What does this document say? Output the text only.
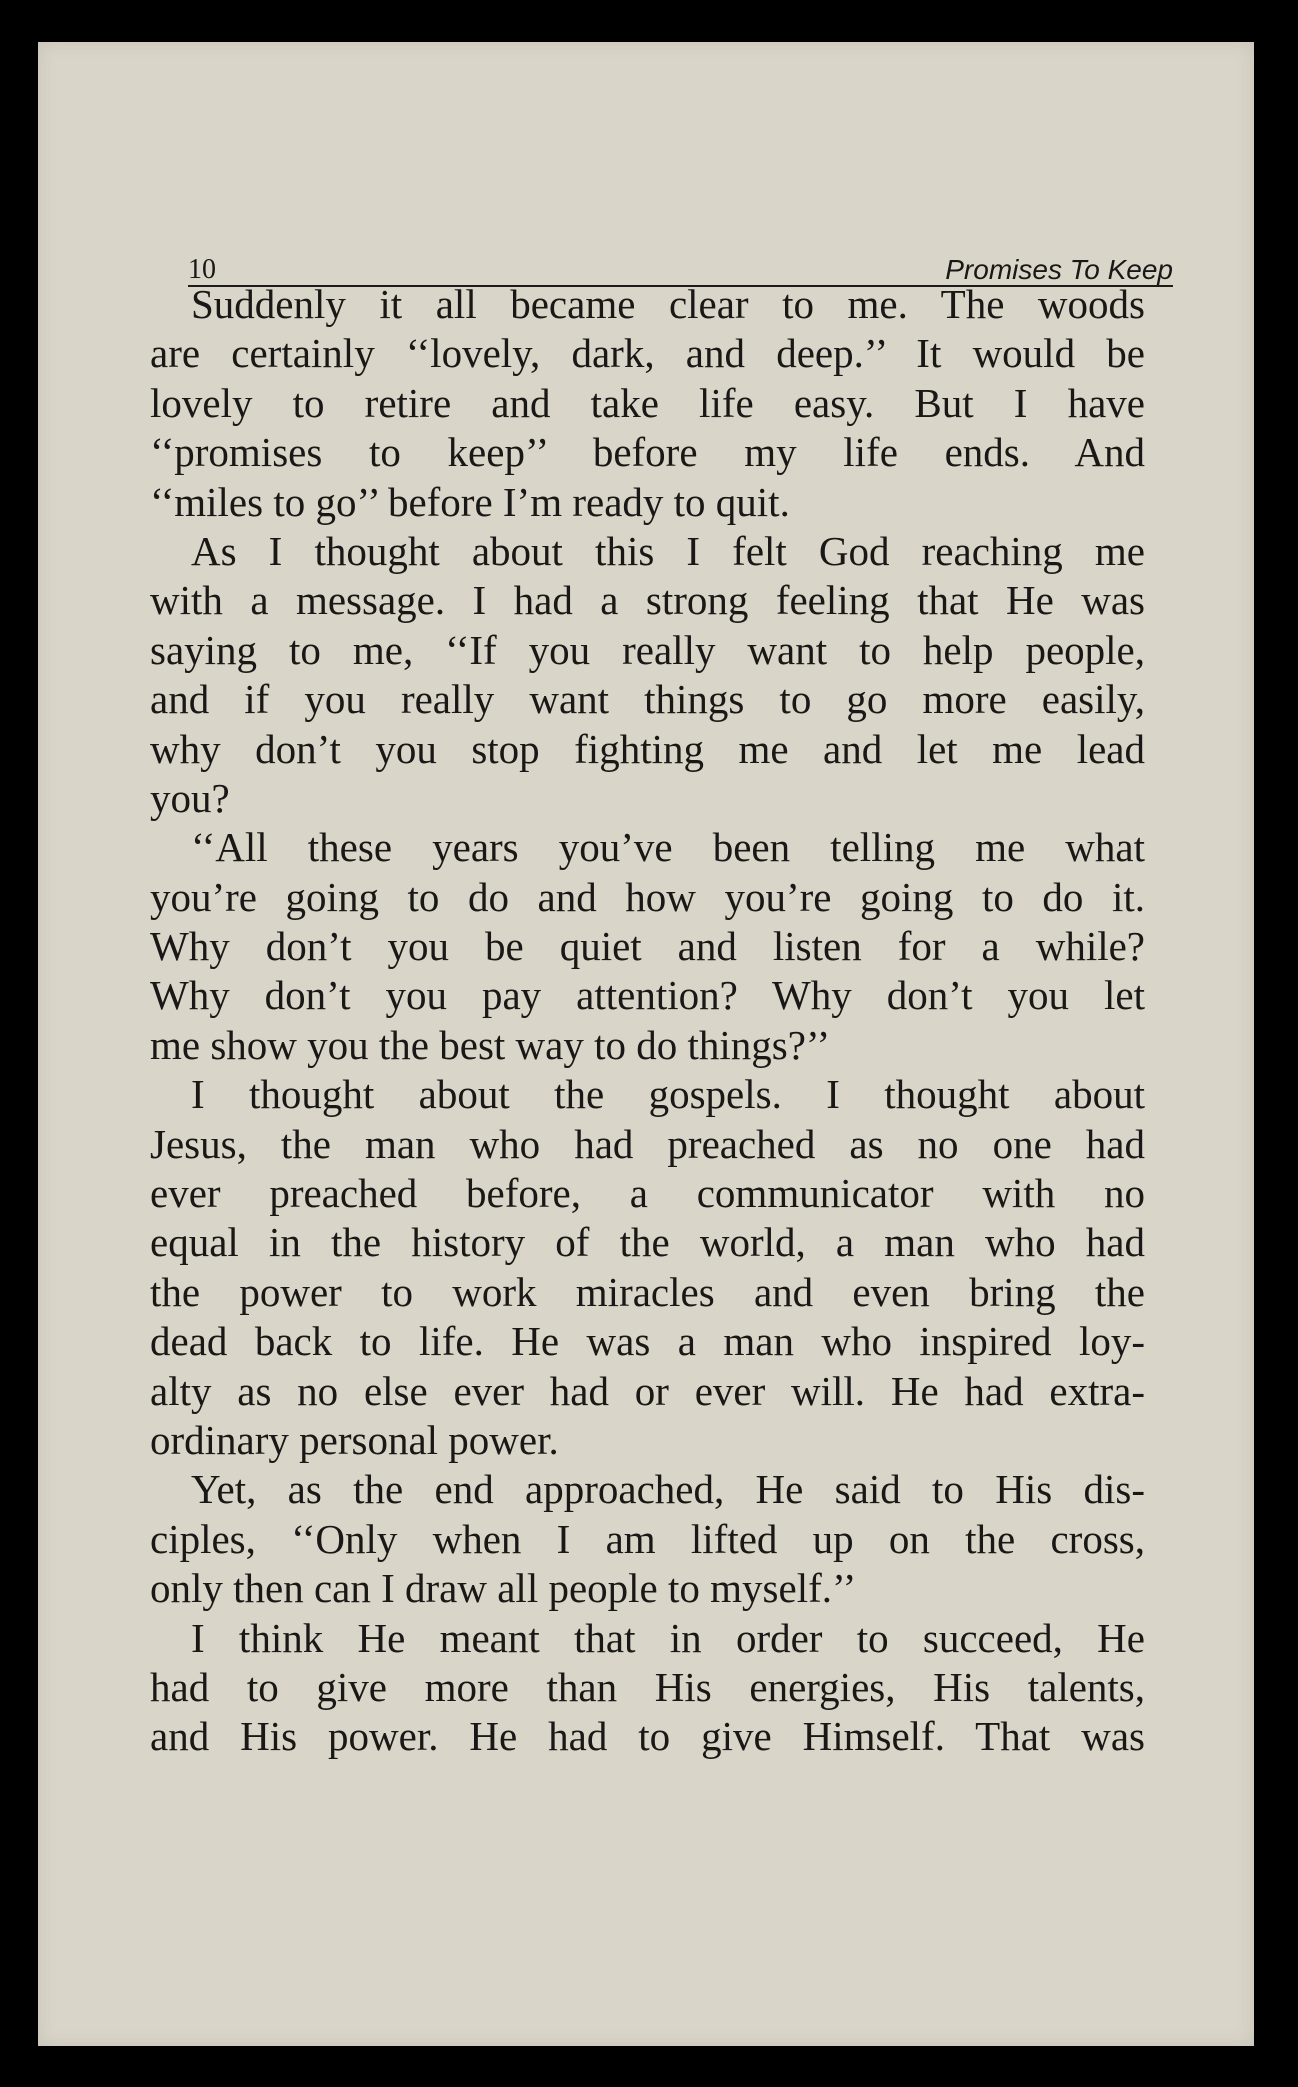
10	Promises To Keep
Suddenly it all became clear to me. The woods
are certainly ‘‘lovely, dark, and deep.’’ It would be
lovely to retire and take life easy. But I have
‘‘promises to keep’’ before my life ends. And
‘‘miles to go’’ before I’m ready to quit.
As I thought about this I felt God reaching me
with a message. I had a strong feeling that He was
saying to me, ‘‘If you really want to help people,
and if you really want things to go more easily,
why don’t you stop fighting me and let me lead
you?
‘‘All these years you’ve been telling me what
you’re going to do and how you’re going to do it.
Why don’t you be quiet and listen for a while?
Why don’t you pay attention? Why don’t you let
me show you the best way to do things?’’
I thought about the gospels. I thought about
Jesus, the man who had preached as no one had
ever preached before, a communicator with no
equal in the history of the world, a man who had
the power to work miracles and even bring the
dead back to life. He was a man who inspired loy-
alty as no else ever had or ever will. He had extra-
ordinary personal power.
Yet, as the end approached, He said to His dis-
ciples, ‘‘Only when I am lifted up on the cross,
only then can I draw all people to myself.’’
I think He meant that in order to succeed, He
had to give more than His energies, His talents,
and His power. He had to give Himself. That was
